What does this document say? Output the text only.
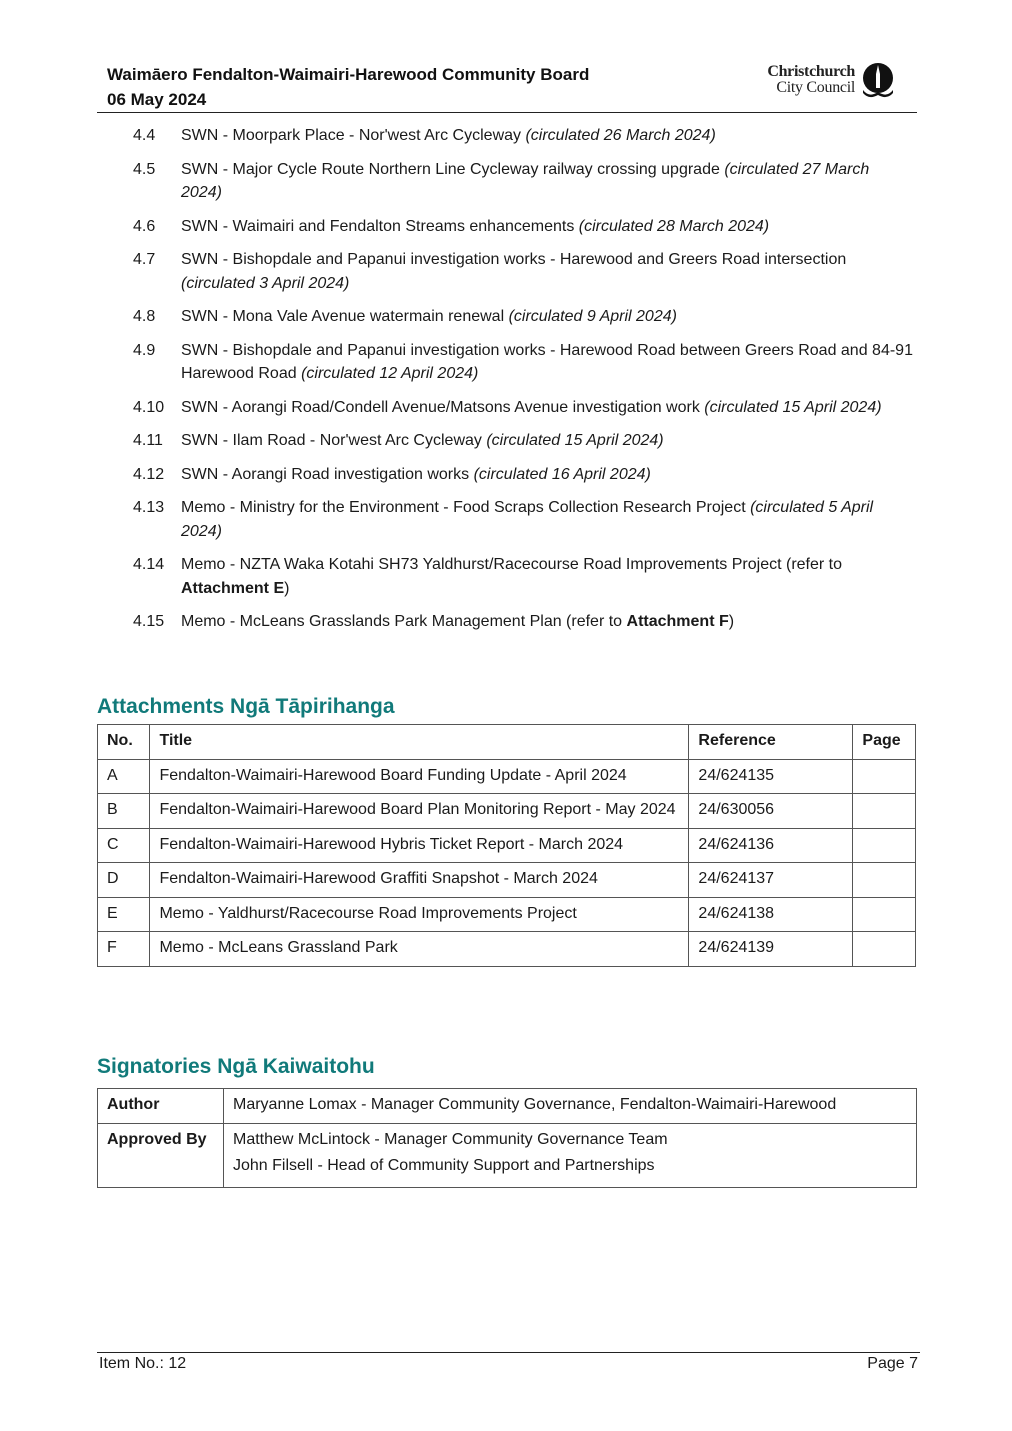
Waimāero Fendalton-Waimairi-Harewood Community Board
06 May 2024
Christchurch
City Council
4.4 SWN - Moorpark Place - Nor'west Arc Cycleway (circulated 26 March 2024)
4.5 SWN - Major Cycle Route Northern Line Cycleway railway crossing upgrade (circulated 27 March 2024)
4.6 SWN - Waimairi and Fendalton Streams enhancements (circulated 28 March 2024)
4.7 SWN - Bishopdale and Papanui investigation works - Harewood and Greers Road intersection (circulated 3 April 2024)
4.8 SWN - Mona Vale Avenue watermain renewal (circulated 9 April 2024)
4.9 SWN - Bishopdale and Papanui investigation works - Harewood Road between Greers Road and 84-91 Harewood Road (circulated 12 April 2024)
4.10 SWN - Aorangi Road/Condell Avenue/Matsons Avenue investigation work (circulated 15 April 2024)
4.11 SWN - Ilam Road - Nor'west Arc Cycleway (circulated 15 April 2024)
4.12 SWN - Aorangi Road investigation works (circulated 16 April 2024)
4.13 Memo - Ministry for the Environment - Food Scraps Collection Research Project (circulated 5 April 2024)
4.14 Memo - NZTA Waka Kotahi SH73 Yaldhurst/Racecourse Road Improvements Project (refer to Attachment E)
4.15 Memo - McLeans Grasslands Park Management Plan (refer to Attachment F)
Attachments Ngā Tāpirihanga
No.	Title	Reference	Page
A	Fendalton-Waimairi-Harewood Board Funding Update - April 2024	24/624135	
B	Fendalton-Waimairi-Harewood Board Plan Monitoring Report - May 2024	24/630056	
C	Fendalton-Waimairi-Harewood Hybris Ticket Report - March 2024	24/624136	
D	Fendalton-Waimairi-Harewood Graffiti Snapshot - March 2024	24/624137	
E	Memo - Yaldhurst/Racecourse Road Improvements Project	24/624138	
F	Memo - McLeans Grassland Park	24/624139	
Signatories Ngā Kaiwaitohu
Author	Maryanne Lomax - Manager Community Governance, Fendalton-Waimairi-Harewood
Approved By	Matthew McLintock - Manager Community Governance Team
John Filsell - Head of Community Support and Partnerships
Item No.: 12	Page 7
